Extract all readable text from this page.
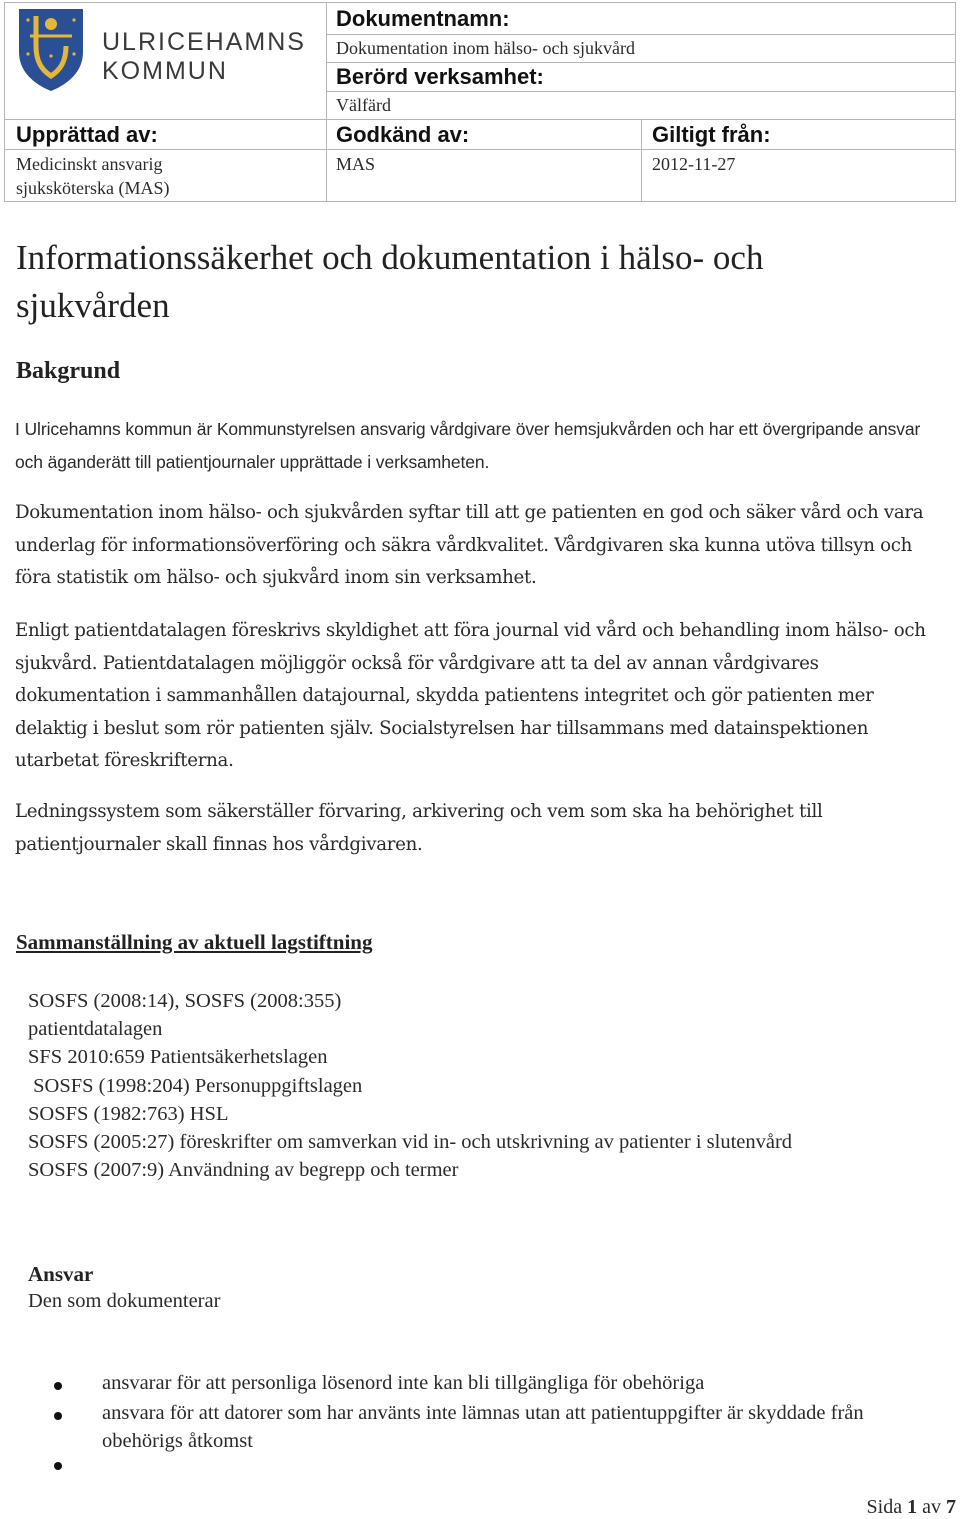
ULRICEHAMNS
KOMMUN
Dokumentnamn:
Dokumentation inom hälso- och sjukvård
Berörd verksamhet:
Välfärd
Upprättad av:
Medicinskt ansvarig
sjuksköterska (MAS)
Godkänd av:
MAS
Giltigt från:
2012-11-27
Informationssäkerhet och dokumentation i hälso- och sjukvården
Bakgrund

I Ulricehamns kommun är Kommunstyrelsen ansvarig vårdgivare över hemsjukvården och har ett övergripande ansvar och äganderätt till patientjournaler upprättade i verksamheten.

Dokumentation inom hälso- och sjukvården syftar till att ge patienten en god och säker vård och vara underlag för informationsöverföring och säkra vårdkvalitet. Vårdgivaren ska kunna utöva tillsyn och föra statistik om hälso- och sjukvård inom sin verksamhet.

Enligt patientdatalagen föreskrivs skyldighet att föra journal vid vård och behandling inom hälso- och sjukvård. Patientdatalagen möjliggör också för vårdgivare att ta del av annan vårdgivares dokumentation i sammanhållen datajournal, skydda patientens integritet och gör patienten mer delaktig i beslut som rör patienten själv. Socialstyrelsen har tillsammans med datainspektionen utarbetat föreskrifterna.

Ledningssystem som säkerställer förvaring, arkivering och vem som ska ha behörighet till patientjournaler skall finnas hos vårdgivaren.

Sammanställning av aktuell lagstiftning
SOSFS (2008:14), SOSFS (2008:355)
patientdatalagen
SFS 2010:659 Patientsäkerhetslagen
SOSFS (1998:204) Personuppgiftslagen
SOSFS (1982:763) HSL
SOSFS (2005:27) föreskrifter om samverkan vid in- och utskrivning av patienter i slutenvård
SOSFS (2007:9) Användning av begrepp och termer
Ansvar
Den som dokumenterar
ansvarar för att personliga lösenord inte kan bli tillgängliga för obehöriga
ansvara för att datorer som har använts inte lämnas utan att patientuppgifter är skyddade från obehörigs åtkomst
Sida 1 av 7
